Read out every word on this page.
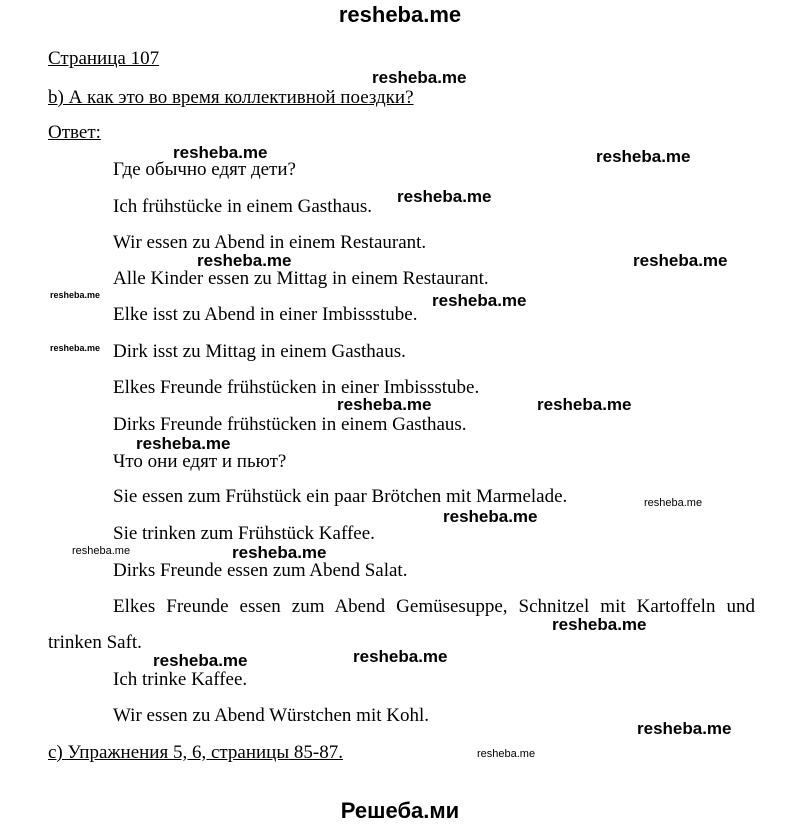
resheba.me
Страница 107
b) А как это во время коллективной поездки?
Ответ:
Где обычно едят дети?
Ich frühstücke in einem Gasthaus.
Wir essen zu Abend in einem Restaurant.
Alle Kinder essen zu Mittag in einem Restaurant.
Elke isst zu Abend in einer Imbissstube.
Dirk isst zu Mittag in einem Gasthaus.
Elkes Freunde frühstücken in einer Imbissstube.
Dirks Freunde frühstücken in einem Gasthaus.
Что они едят и пьют?
Sie essen zum Frühstück ein paar Brötchen mit Marmelade.
Sie trinken zum Frühstück Kaffee.
Dirks Freunde essen zum Abend Salat.
Elkes Freunde essen zum Abend Gemüsesuppe, Schnitzel mit Kartoffeln und trinken Saft.
Ich trinke Kaffee.
Wir essen zu Abend Würstchen mit Kohl.
с) Упражнения 5, 6, страницы 85-87.
resheba.me
resheba.me	resheba.me
resheba.me
resheba.me	resheba.me
resheba.me	resheba.me
resheba.me
resheba.me	resheba.me
resheba.me
resheba.me
resheba.me
resheba.me	resheba.me
resheba.me
resheba.me	resheba.me
resheba.me
resheba.me
Решеба.ми
